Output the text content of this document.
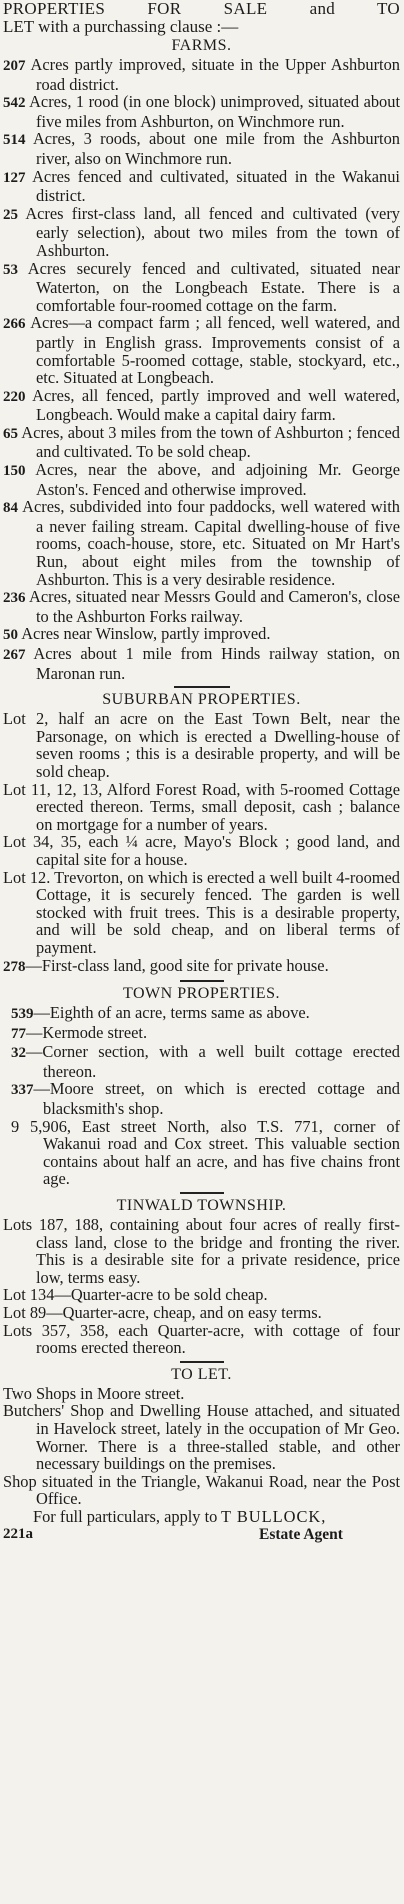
PROPERTIES FOR SALE and TO

LET with a purchassing clause :—

FARMS.

207 Acres partly improved, situate in the Upper Ashburton road district.

542 Acres, 1 rood (in one block) unimproved, situated about five miles from Ashburton, on Winchmore run.

514 Acres, 3 roods, about one mile from the Ashburton river, also on Winchmore run.

127 Acres fenced and cultivated, situated in the Wakanui district.

25 Acres first-class land, all fenced and cultivated (very early selection), about two miles from the town of Ashburton.

53 Acres securely fenced and cultivated, situated near Waterton, on the Longbeach Estate. There is a comfortable four-roomed cottage on the farm.

266 Acres—a compact farm ; all fenced, well watered, and partly in English grass. Improvements consist of a comfortable 5-roomed cottage, stable, stockyard, etc., etc. Situated at Longbeach.

220 Acres, all fenced, partly improved and well watered, Longbeach. Would make a capital dairy farm.

65 Acres, about 3 miles from the town of Ashburton ; fenced and cultivated. To be sold cheap.

150 Acres, near the above, and adjoining Mr. George Aston's. Fenced and otherwise improved.

84 Acres, subdivided into four paddocks, well watered with a never failing stream. Capital dwelling-house of five rooms, coach-house, store, etc. Situated on Mr Hart's Run, about eight miles from the township of Ashburton. This is a very desirable residence.

236 Acres, situated near Messrs Gould and Cameron's, close to the Ashburton Forks railway.

50 Acres near Winslow, partly improved.

267 Acres about 1 mile from Hinds railway station, on Maronan run.

SUBURBAN PROPERTIES.

Lot 2, half an acre on the East Town Belt, near the Parsonage, on which is erected a Dwelling-house of seven rooms ; this is a desirable property, and will be sold cheap.

Lot 11, 12, 13, Alford Forest Road, with 5-roomed Cottage erected thereon. Terms, small deposit, cash ; balance on mortgage for a number of years.

Lot 34, 35, each ¼ acre, Mayo's Block ; good land, and capital site for a house.

Lot 12. Trevorton, on which is erected a well built 4-roomed Cottage, it is securely fenced. The garden is well stocked with fruit trees. This is a desirable property, and will be sold cheap, and on liberal terms of payment.

278—First-class land, good site for private house.

TOWN PROPERTIES.

539—Eighth of an acre, terms same as above.

77—Kermode street.

32—Corner section, with a well built cottage erected thereon.

337—Moore street, on which is erected cottage and blacksmith's shop.

9 5,906, East street North, also T.S. 771, corner of Wakanui road and Cox street. This valuable section contains about half an acre, and has five chains front age.

TINWALD TOWNSHIP.

Lots 187, 188, containing about four acres of really first-class land, close to the bridge and fronting the river. This is a desirable site for a private residence, price low, terms easy.

Lot 134—Quarter-acre to be sold cheap.

Lot 89—Quarter-acre, cheap, and on easy terms.

Lots 357, 358, each Quarter-acre, with cottage of four rooms erected thereon.

TO LET.

Two Shops in Moore street.

Butchers' Shop and Dwelling House attached, and situated in Havelock street, lately in the occupation of Mr Geo. Worner. There is a three-stalled stable, and other necessary buildings on the premises.

Shop situated in the Triangle, Wakanui Road, near the Post Office.

For full particulars, apply to T BULLOCK,
221a	Estate Agent
